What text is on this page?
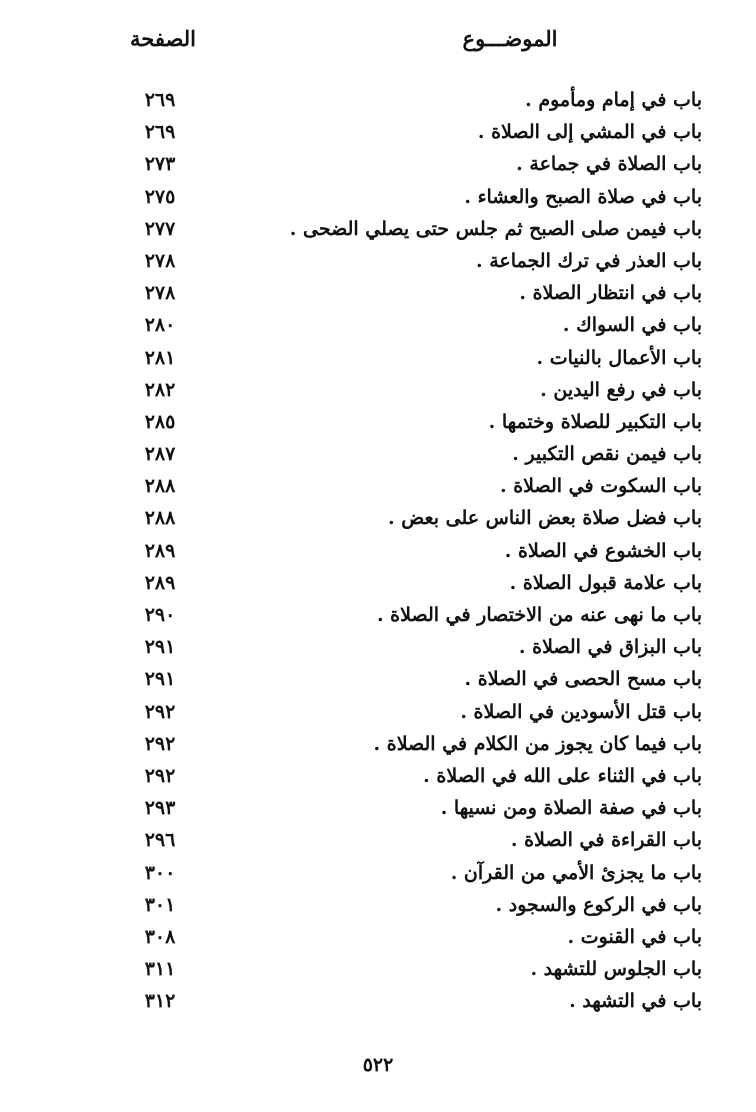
الموضـــوع
الصفحة
باب في إمام ومأموم .
٢٦٩
باب في المشي إلى الصلاة .
٢٦٩
باب الصلاة في جماعة .
٢٧٣
باب في صلاة الصبح والعشاء .
٢٧٥
باب فيمن صلى الصبح ثم جلس حتى يصلي الضحى .
٢٧٧
باب العذر في ترك الجماعة .
٢٧٨
باب في انتظار الصلاة .
٢٧٨
باب في السواك .
٢٨٠
باب الأعمال بالنيات .
٢٨١
باب في رفع اليدين .
٢٨٢
باب التكبير للصلاة وختمها .
٢٨٥
باب فيمن نقص التكبير .
٢٨٧
باب السكوت في الصلاة .
٢٨٨
باب فضل صلاة بعض الناس على بعض .
٢٨٨
باب الخشوع في الصلاة .
٢٨٩
باب علامة قبول الصلاة .
٢٨٩
باب ما نهى عنه من الاختصار في الصلاة .
٢٩٠
باب البزاق في الصلاة .
٢٩١
باب مسح الحصى في الصلاة .
٢٩١
باب قتل الأسودين في الصلاة .
٢٩٢
باب فيما كان يجوز من الكلام في الصلاة .
٢٩٢
باب في الثناء على الله في الصلاة .
٢٩٢
باب في صفة الصلاة ومن نسيها .
٢٩٣
باب القراءة في الصلاة .
٢٩٦
باب ما يجزئ الأمي من القرآن .
٣٠٠
باب في الركوع والسجود .
٣٠١
باب في القنوت .
٣٠٨
باب الجلوس للتشهد .
٣١١
باب في التشهد .
٣١٢
٥٢٢
